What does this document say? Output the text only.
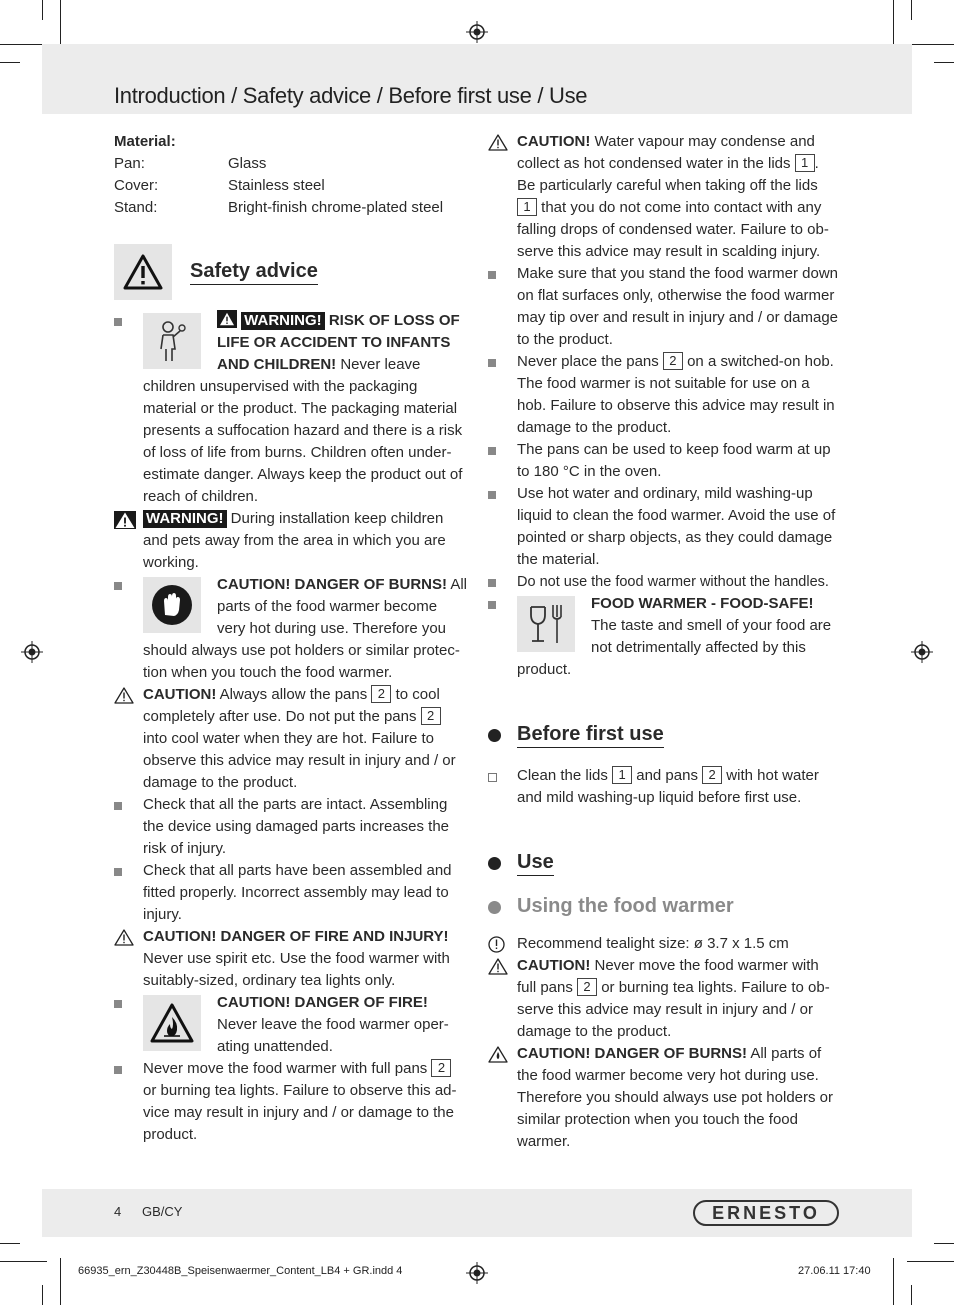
Introduction / Safety advice / Before first use / Use
Material:
Pan:	Glass
Cover:	Stainless steel
Stand:	Bright-finish chrome-plated steel
Safety advice
WARNING! RISK OF LOSS OF LIFE OR ACCIDENT TO INFANTS AND CHILDREN! Never leave children unsupervised with the packaging material or the product. The packaging material presents a suffocation hazard and there is a risk of loss of life from burns. Children often underestimate danger. Always keep the product out of reach of children.
WARNING! During installation keep children and pets away from the area in which you are working.
CAUTION! DANGER OF BURNS! All parts of the food warmer become very hot during use. Therefore you should always use pot holders or similar protection when you touch the food warmer.
CAUTION! Always allow the pans 2 to cool completely after use. Do not put the pans 2 into cool water when they are hot. Failure to observe this advice may result in injury and / or damage to the product.
Check that all the parts are intact. Assembling the device using damaged parts increases the risk of injury.
Check that all parts have been assembled and fitted properly. Incorrect assembly may lead to injury.
CAUTION! DANGER OF FIRE AND INJURY! Never use spirit etc. Use the food warmer with suitably-sized, ordinary tea lights only.
CAUTION! DANGER OF FIRE! Never leave the food warmer operating unattended.
Never move the food warmer with full pans 2 or burning tea lights. Failure to observe this advice may result in injury and / or damage to the product.
CAUTION! Water vapour may condense and collect as hot condensed water in the lids 1 . Be particularly careful when taking off the lids 1 that you do not come into contact with any falling drops of condensed water. Failure to observe this advice may result in scalding injury.
Make sure that you stand the food warmer down on flat surfaces only, otherwise the food warmer may tip over and result in injury and / or damage to the product.
Never place the pans 2 on a switched-on hob. The food warmer is not suitable for use on a hob. Failure to observe this advice may result in damage to the product.
The pans can be used to keep food warm at up to 180 °C in the oven.
Use hot water and ordinary, mild washing-up liquid to clean the food warmer. Avoid the use of pointed or sharp objects, as they could damage the material.
Do not use the food warmer without the handles.
FOOD WARMER - FOOD-SAFE! The taste and smell of your food are not detrimentally affected by this product.
Before first use
Clean the lids 1 and pans 2 with hot water and mild washing-up liquid before first use.
Use
Using the food warmer
Recommend tealight size: ø 3.7 x 1.5 cm
CAUTION! Never move the food warmer with full pans 2 or burning tea lights. Failure to observe this advice may result in injury and / or damage to the product.
CAUTION! DANGER OF BURNS! All parts of the food warmer become very hot during use. Therefore you should always use pot holders or similar protection when you touch the food warmer.
4 GB/CY	ERNESTO
66935_ern_Z30448B_Speisenwaermer_Content_LB4 + GR.indd 4	27.06.11 17:40
